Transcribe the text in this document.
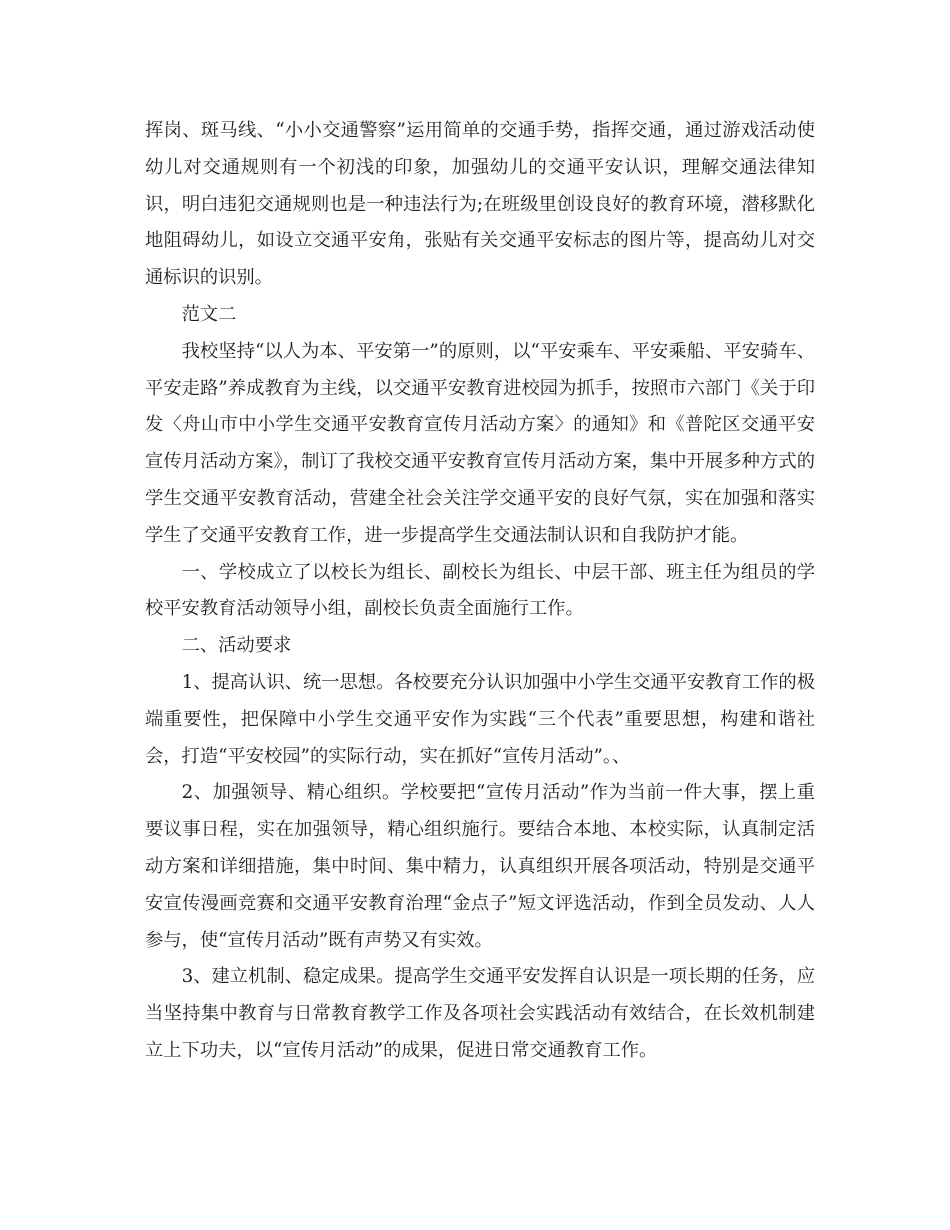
挥岗、斑马线、“小小交通警察”运用简单的交通手势，指挥交通，通过游戏活动使幼儿对交通规则有一个初浅的印象，加强幼儿的交通平安认识，理解交通法律知识，明白违犯交通规则也是一种违法行为;在班级里创设良好的教育环境，潜移默化地阻碍幼儿，如设立交通平安角，张贴有关交通平安标志的图片等，提高幼儿对交通标识的识别。

范文二

我校坚持“以人为本、平安第一”的原则，以“平安乘车、平安乘船、平安骑车、平安走路”养成教育为主线，以交通平安教育进校园为抓手，按照市六部门《关于印发〈舟山市中小学生交通平安教育宣传月活动方案〉的通知》和《普陀区交通平安宣传月活动方案》，制订了我校交通平安教育宣传月活动方案，集中开展多种方式的学生交通平安教育活动，营建全社会关注学交通平安的良好气氛，实在加强和落实学生了交通平安教育工作，进一步提高学生交通法制认识和自我防护才能。

一、学校成立了以校长为组长、副校长为组长、中层干部、班主任为组员的学校平安教育活动领导小组，副校长负责全面施行工作。

二、活动要求

1、提高认识、统一思想。各校要充分认识加强中小学生交通平安教育工作的极端重要性，把保障中小学生交通平安作为实践“三个代表”重要思想，构建和谐社会，打造“平安校园”的实际行动，实在抓好“宣传月活动”。、

2、加强领导、精心组织。学校要把“宣传月活动”作为当前一件大事，摆上重要议事日程，实在加强领导，精心组织施行。要结合本地、本校实际，认真制定活动方案和详细措施，集中时间、集中精力，认真组织开展各项活动，特别是交通平安宣传漫画竞赛和交通平安教育治理“金点子”短文评选活动，作到全员发动、人人参与，使“宣传月活动”既有声势又有实效。

3、建立机制、稳定成果。提高学生交通平安发挥自认识是一项长期的任务，应当坚持集中教育与日常教育教学工作及各项社会实践活动有效结合，在长效机制建立上下功夫，以“宣传月活动”的成果，促进日常交通教育工作。
